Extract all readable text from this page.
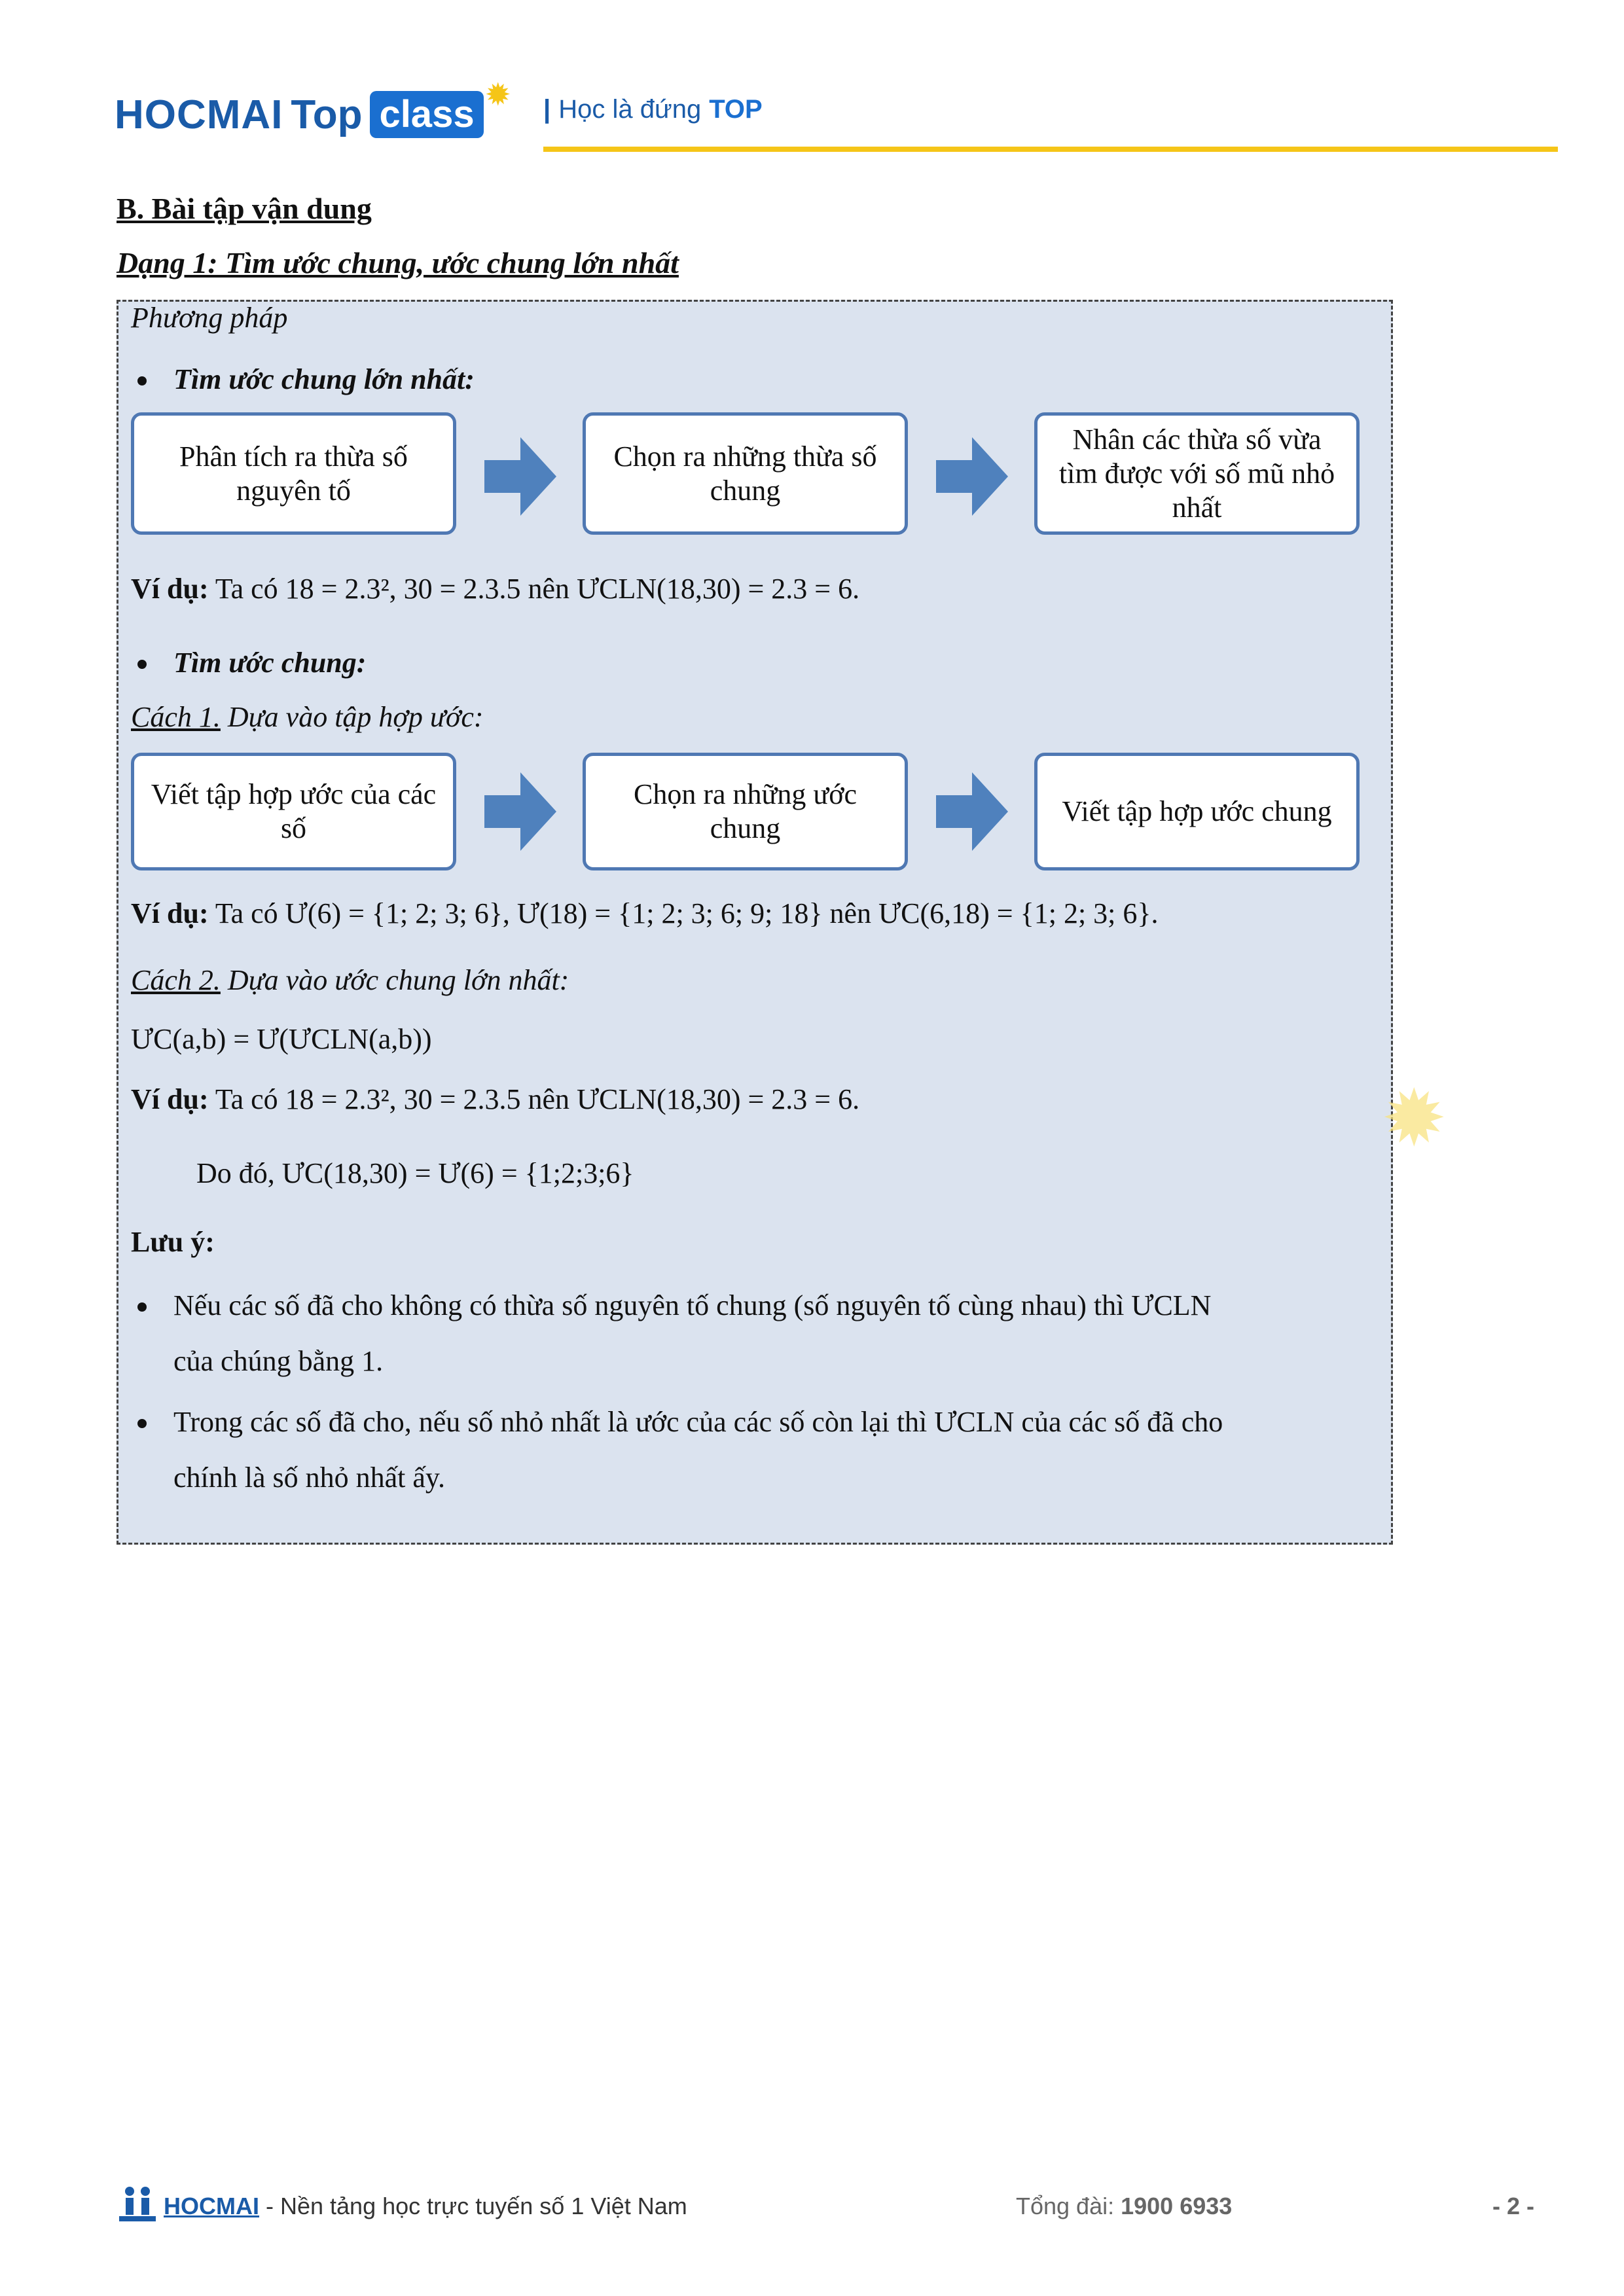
HOCMAI Top class ✹ | Học là đứng TOP
B. Bài tập vận dung
Dạng 1: Tìm ước chung, ước chung lớn nhất
Phương pháp
Tìm ước chung lớn nhất:
Phân tích ra thừa số nguyên tố
Chọn ra những thừa số chung
Nhân các thừa số vừa tìm được với số mũ nhỏ nhất
Ví dụ: Ta có 18 = 2.3², 30 = 2.3.5 nên ƯCLN(18,30) = 2.3 = 6.
Tìm ước chung:
Cách 1. Dựa vào tập hợp ước:
Viết tập hợp ước của các số
Chọn ra những ước chung
Viết tập hợp ước chung
Ví dụ: Ta có Ư(6) = {1; 2; 3; 6}, Ư(18) = {1; 2; 3; 6; 9; 18} nên ƯC(6,18) = {1; 2; 3; 6}.
Cách 2. Dựa vào ước chung lớn nhất:
ƯC(a,b) = Ư(ƯCLN(a,b))
Ví dụ: Ta có 18 = 2.3², 30 = 2.3.5 nên ƯCLN(18,30) = 2.3 = 6.
Do đó, ƯC(18,30) = Ư(6) = {1;2;3;6}
Lưu ý:
Nếu các số đã cho không có thừa số nguyên tố chung (số nguyên tố cùng nhau) thì ƯCLN
của chúng bằng 1.
Trong các số đã cho, nếu số nhỏ nhất là ước của các số còn lại thì ƯCLN của các số đã cho
chính là số nhỏ nhất ấy.
✹
HOCMAI - Nền tảng học trực tuyến số 1 Việt Nam	Tổng đài: 1900 6933	- 2 -
